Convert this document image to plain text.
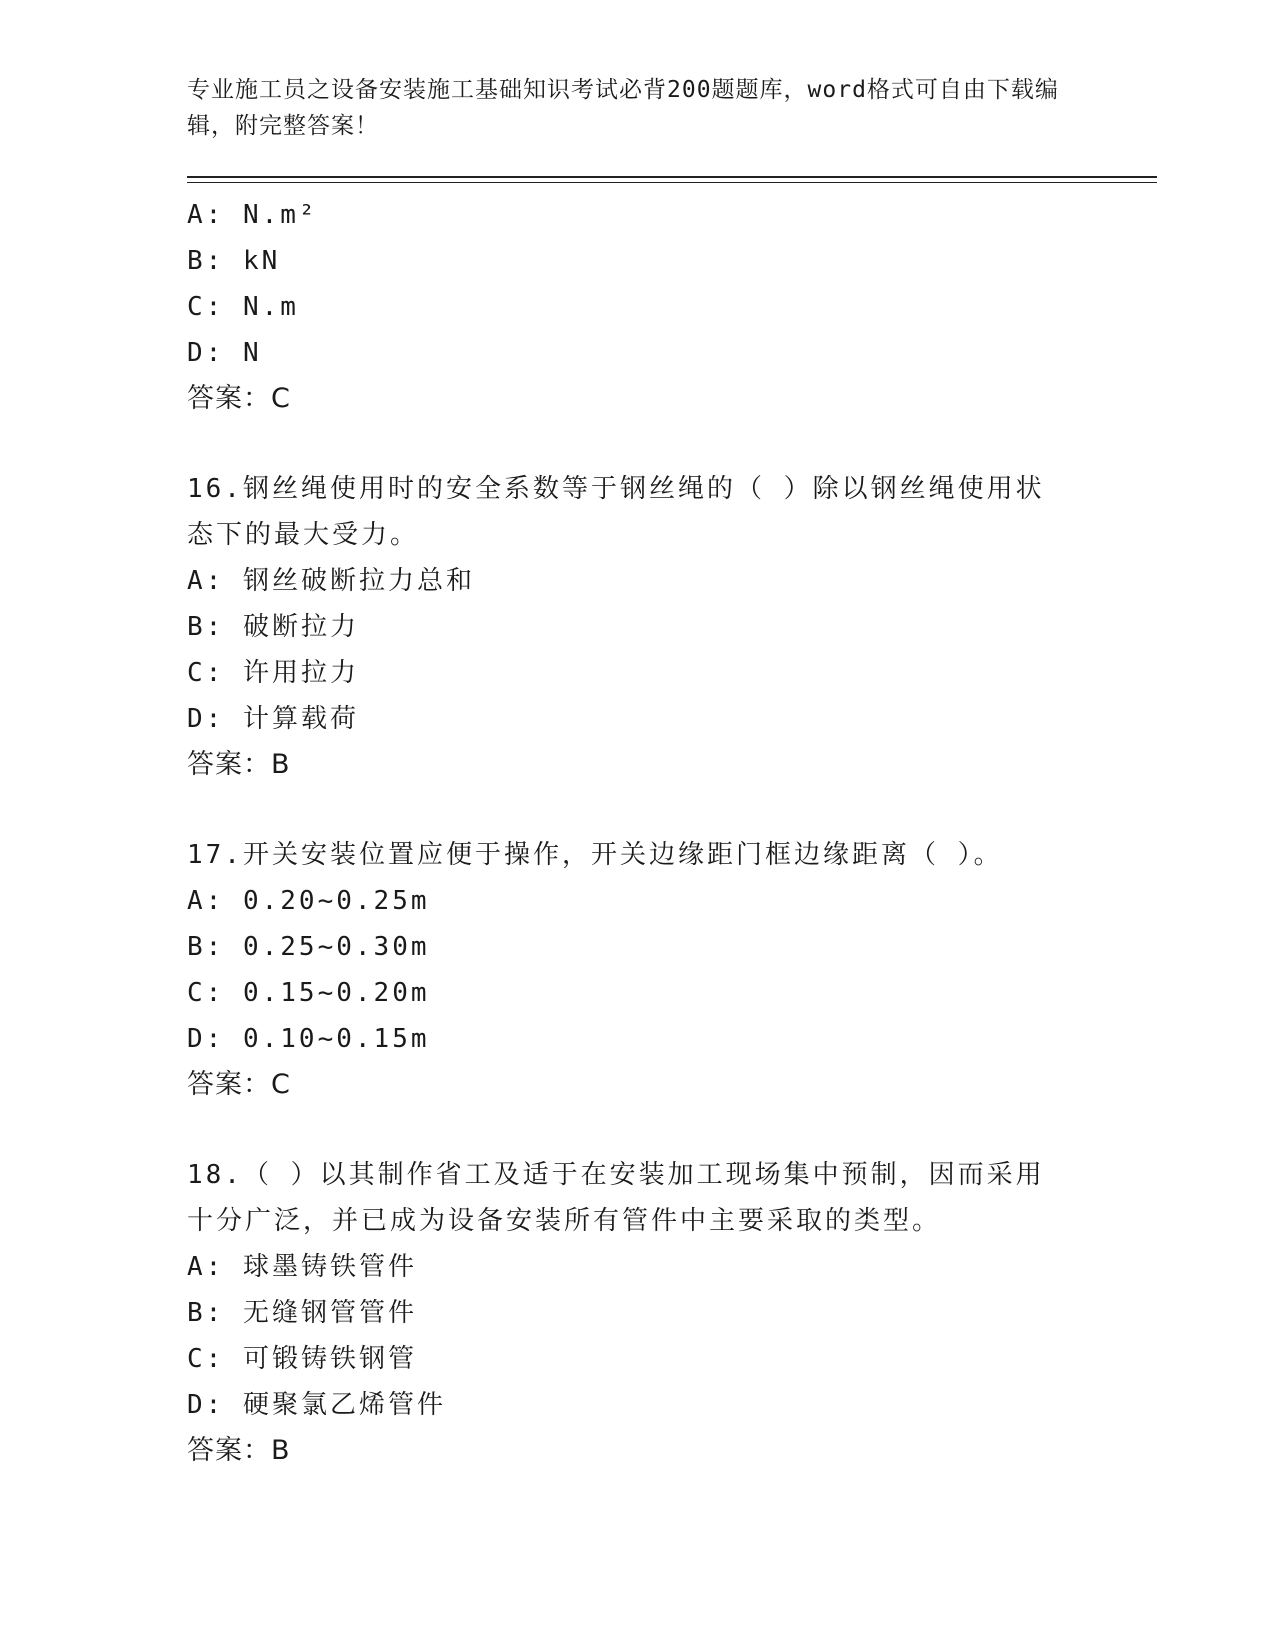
专业施工员之设备安装施工基础知识考试必背200题题库，word格式可自由下载编辑，附完整答案！
A: N.m²
B: kN
C: N.m
D: N
答案：C
16.钢丝绳使用时的安全系数等于钢丝绳的（ ）除以钢丝绳使用状态下的最大受力。
A: 钢丝破断拉力总和
B: 破断拉力
C: 许用拉力
D: 计算载荷
答案：B
17.开关安装位置应便于操作，开关边缘距门框边缘距离（ ）。
A: 0.20~0.25m
B: 0.25~0.30m
C: 0.15~0.20m
D: 0.10~0.15m
答案：C
18.（ ）以其制作省工及适于在安装加工现场集中预制，因而采用十分广泛，并已成为设备安装所有管件中主要采取的类型。
A: 球墨铸铁管件
B: 无缝钢管管件
C: 可锻铸铁钢管
D: 硬聚氯乙烯管件
答案：B
